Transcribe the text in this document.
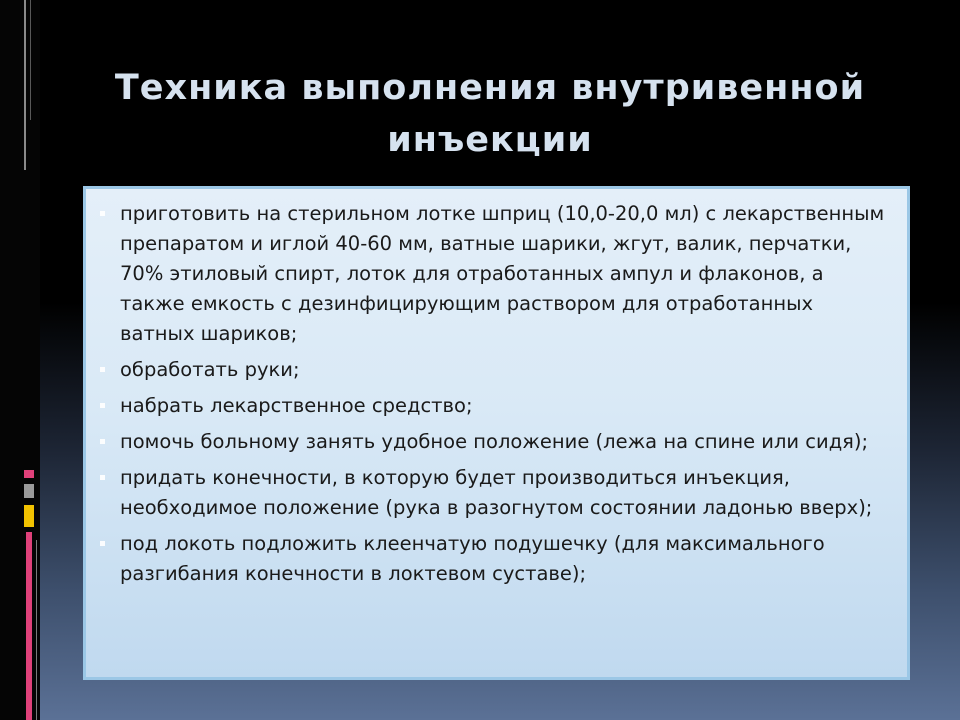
Техника выполнения внутривенной инъекции
приготовить на стерильном лотке шприц (10,0-20,0 мл) с лекарственным препаратом и иглой 40-60 мм, ватные шарики, жгут, валик, перчатки, 70% этиловый спирт, лоток для отработанных ампул и флаконов, а также емкость с дезинфицирующим раствором для отработанных ватных шариков;
обработать руки;
набрать лекарственное средство;
помочь больному занять удобное положение (лежа на спине или сидя);
придать конечности, в которую будет производиться инъекция, необходимое положение (рука в разогнутом состоянии ладонью вверх);
под локоть подложить клеенчатую подушечку (для максимального разгибания конечности в локтевом суставе);
